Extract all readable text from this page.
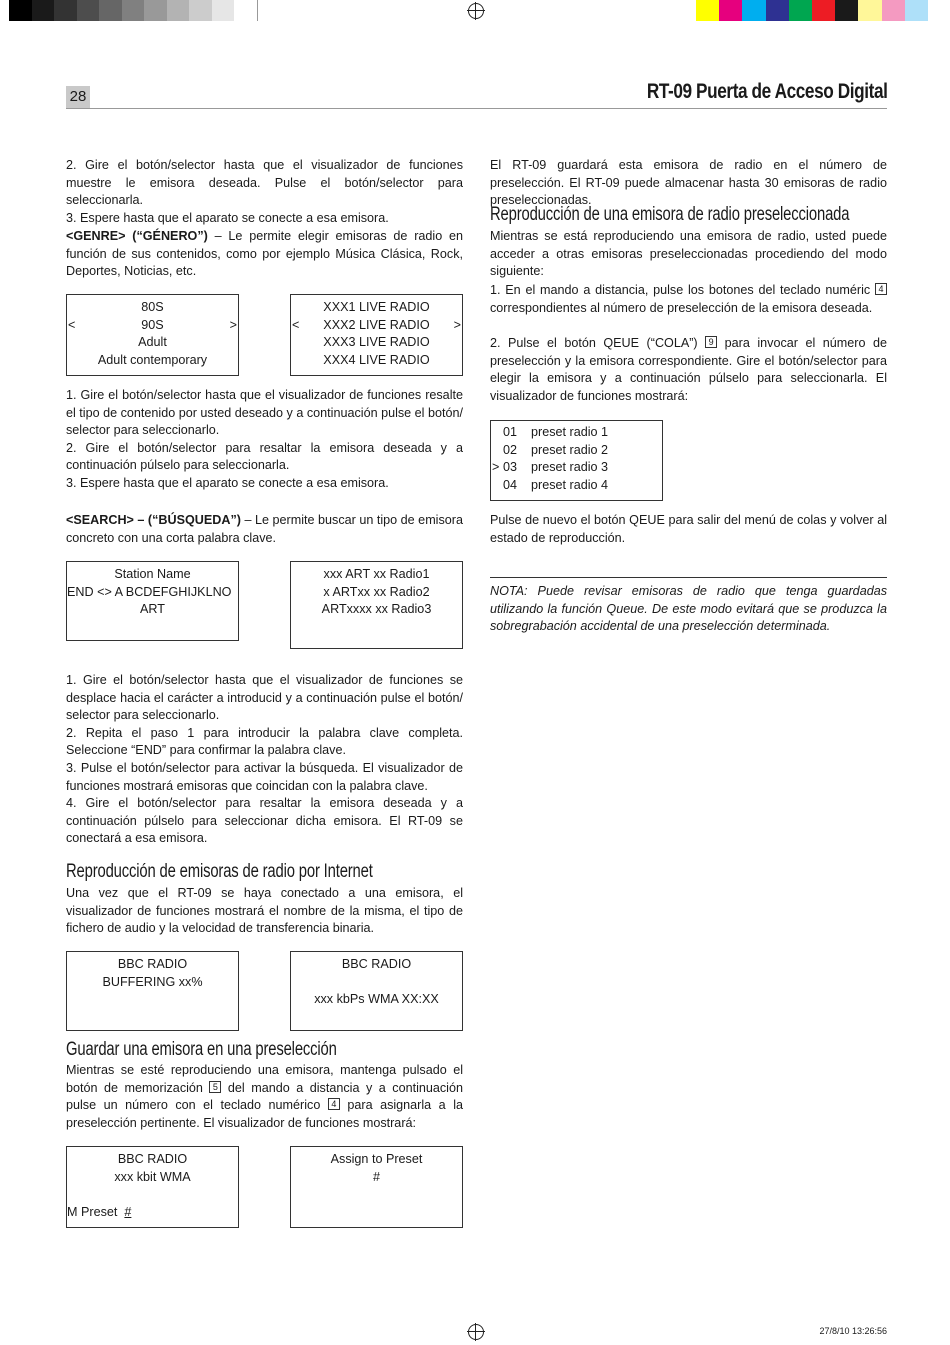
28	RT-09 Puerta de Acceso Digital
2. Gire el botón/selector hasta que el visualizador de funciones muestre le emisora deseada. Pulse el botón/selector para seleccionarla.
3. Espere hasta que el aparato se conecte a esa emisora.
<GENRE> (“GÉNERO”) – Le permite elegir emisoras de radio en función de sus contenidos, como por ejemplo Música Clásica, Rock, Deportes, Noticias, etc.
80S
<	90S	>
Adult
Adult contemporary
XXX1 LIVE RADIO
< XXX2 LIVE RADIO >
XXX3 LIVE RADIO
XXX4 LIVE RADIO
1. Gire el botón/selector hasta que el visualizador de funciones resalte el tipo de contenido por usted deseado y a continuación pulse el botón/ selector para seleccionarlo.
2. Gire el botón/selector para resaltar la emisora deseada y a continuación púlselo para seleccionarla.
3. Espere hasta que el aparato se conecte a esa emisora.
<SEARCH> – (“BÚSQUEDA”) – Le permite buscar un tipo de emisora concreto con una corta palabra clave.
Station Name
END <> A BCDEFGHIJKLNO
ART
xxx ART xx Radio1
x ARTxx xx Radio2
ARTxxxx xx Radio3
1. Gire el botón/selector hasta que el visualizador de funciones se desplace hacia el carácter a introducid y a continuación pulse el botón/ selector para seleccionarlo.
2. Repita el paso 1 para introducir la palabra clave completa. Seleccione “END” para confirmar la palabra clave.
3. Pulse el botón/selector para activar la búsqueda. El visualizador de funciones mostrará emisoras que coincidan con la palabra clave.
4. Gire el botón/selector para resaltar la emisora deseada y a continuación púlselo para seleccionar dicha emisora. El RT-09 se conectará a esa emisora.
Reproducción de emisoras de radio por Internet
Una vez que el RT-09 se haya conectado a una emisora, el visualizador de funciones mostrará el nombre de la misma, el tipo de fichero de audio y la velocidad de transferencia binaria.
BBC RADIO
BUFFERING xx%
BBC RADIO
xxx kbPs WMA XX:XX
Guardar una emisora en una preselección
Mientras se esté reproduciendo una emisora, mantenga pulsado el botón de memorización 5 del mando a distancia y a continuación pulse un número con el teclado numérico 4 para asignarla a la preselección pertinente. El visualizador de funciones mostrará:
BBC RADIO
xxx kbit WMA
M Preset #
Assign to Preset
#
El RT-09 guardará esta emisora de radio en el número de preselección. El RT-09 puede almacenar hasta 30 emisoras de radio preseleccionadas.
Reproducción de una emisora de radio preseleccionada
Mientras se está reproduciendo una emisora de radio, usted puede acceder a otras emisoras preseleccionadas procediendo del modo siguiente:
1. En el mando a distancia, pulse los botones del teclado numéric 4 correspondientes al número de preselección de la emisora deseada.
2. Pulse el botón QEUE (“COLA”) 9 para invocar el número de preselección y la emisora correspondiente. Gire el botón/selector para elegir la emisora y a continuación púlselo para seleccionarla. El visualizador de funciones mostrará:
01 preset radio 1
02 preset radio 2
> 03 preset radio 3
04 preset radio 4
Pulse de nuevo el botón QEUE para salir del menú de colas y volver al estado de reproducción.
NOTA: Puede revisar emisoras de radio que tenga guardadas utilizando la función Queue. De este modo evitará que se produzca la sobregrabación accidental de una preselección determinada.
27/8/10 13:26:56
